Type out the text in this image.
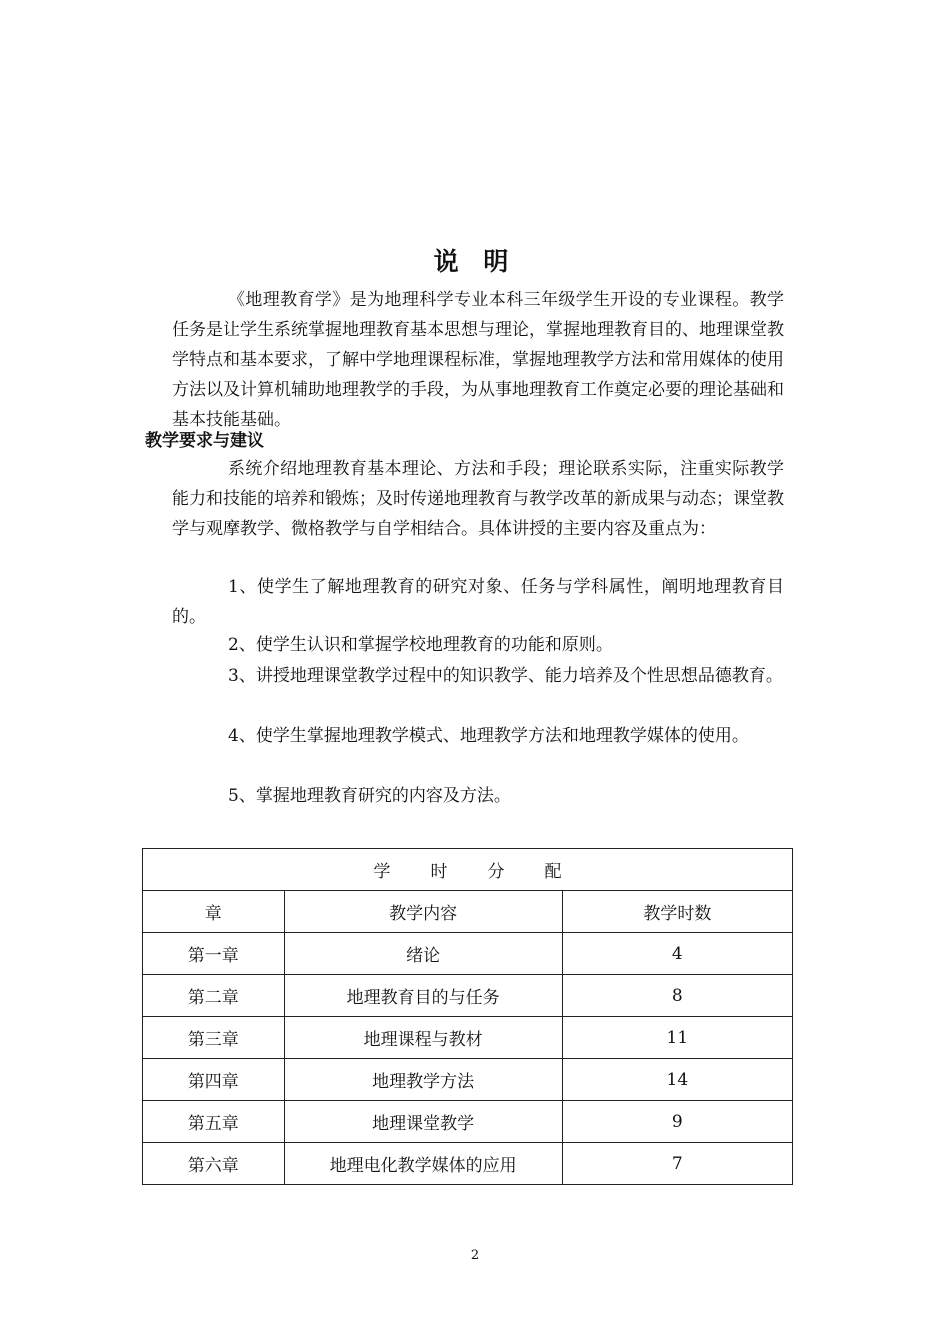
说 明
《地理教育学》是为地理科学专业本科三年级学生开设的专业课程。教学任务是让学生系统掌握地理教育基本思想与理论，掌握地理教育目的、地理课堂教学特点和基本要求，了解中学地理课程标准，掌握地理教学方法和常用媒体的使用方法以及计算机辅助地理教学的手段，为从事地理教育工作奠定必要的理论基础和基本技能基础。
教学要求与建议
系统介绍地理教育基本理论、方法和手段；理论联系实际，注重实际教学能力和技能的培养和锻炼；及时传递地理教育与教学改革的新成果与动态；课堂教学与观摩教学、微格教学与自学相结合。具体讲授的主要内容及重点为：
1、使学生了解地理教育的研究对象、任务与学科属性，阐明地理教育目的。
2、使学生认识和掌握学校地理教育的功能和原则。
3、讲授地理课堂教学过程中的知识教学、能力培养及个性思想品德教育。
4、使学生掌握地理教学模式、地理教学方法和地理教学媒体的使用。
5、掌握地理教育研究的内容及方法。
学时分配		
章	教学内容	教学时数
第一章	绪论	4
第二章	地理教育目的与任务	8
第三章	地理课程与教材	11
第四章	地理教学方法	14
第五章	地理课堂教学	9
第六章	地理电化教学媒体的应用	7
2
